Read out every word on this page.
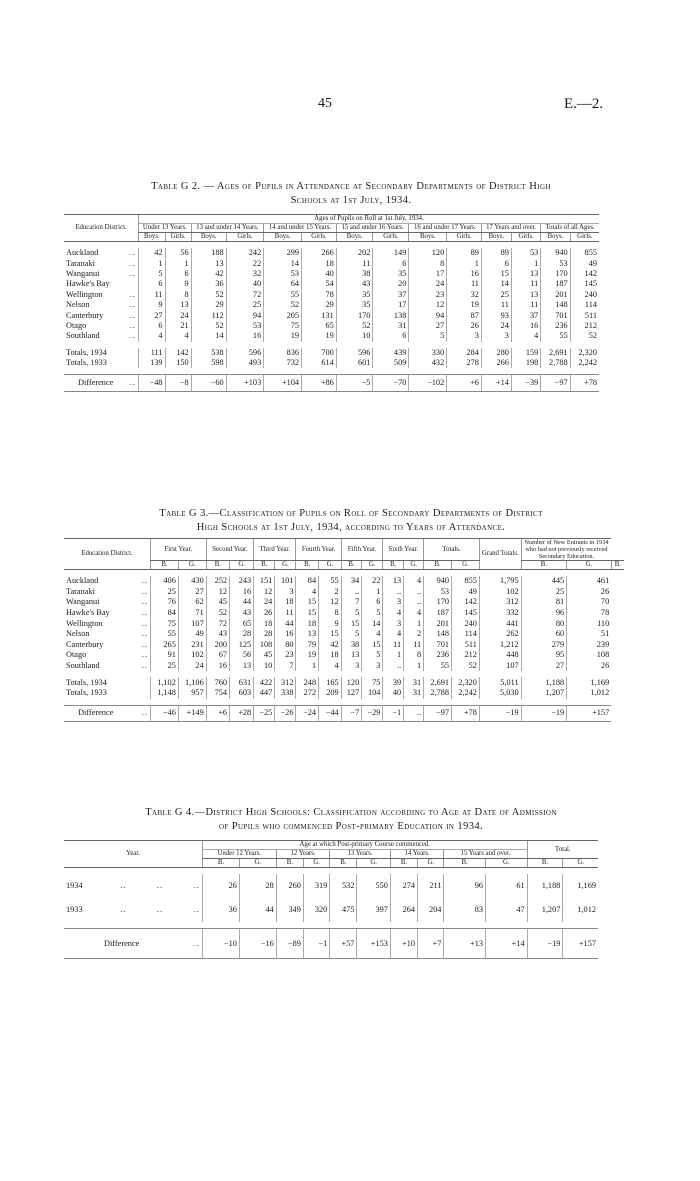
45	E.—2.
Table G 2. — Ages of Pupils in Attendance at Secondary Departments of District High
Schools at 1st July, 1934.
Education District.	Ages of Pupils on Roll at 1st July, 1934.													
	Under 13 Years.		13 and under 14 Years.		14 and under 15 Years.		15 and under 16 Years.		16 and under 17 Years.		17 Years and over.		Totals of all Ages.	
	Boys.	Girls.	Boys.	Girls.	Boys.	Girls.	Boys.	Girls.	Boys.	Girls.	Boys.	Girls.	Boys.	Girls.

Auckland ..	42	56	188	242	299	266	202	149	120	89	89	53	940	855
Taranaki ..	1	1	13	22	14	18	11	6	8	1	6	1	53	49
Wanganui ..	5	6	42	32	53	40	38	35	17	16	15	13	170	142
Hawke's Bay	6	9	36	40	64	54	43	20	24	11	14	11	187	145
Wellington ..	11	8	52	72	55	78	35	37	23	32	25	13	201	240
Nelson ..	9	13	29	25	52	29	35	17	12	19	11	11	148	114
Canterbury ..	27	24	112	94	205	131	170	138	94	87	93	37	701	511
Otago ..	6	21	52	53	75	65	52	31	27	26	24	16	236	212
Southland ..	4	4	14	16	19	19	10	6	5	3	3	4	55	52

Totals, 1934	111	142	538	596	836	700	596	439	330	284	280	159	2,691	2,320
Totals, 1933	139	150	598	493	732	614	601	509	432	278	266	198	2,788	2,242

Difference ..	−48	−8	−60	+103	+104	+86	−5	−70	−102	+6	+14	−39	−97	+78
Table G 3.—Classification of Pupils on Roll of Secondary Departments of District
High Schools at 1st July, 1934, according to Years of Attendance.
Education District.	First Year.		Second Year.		Third Year.		Fourth Year.		Fifth Year.		Sixth Year.		Totals.		Grand Totals.	Number of New Entrants in 1934 who had not previously received Secondary Education.		
	B.	G.	B.	G.	B.	G.	B.	G.	B.	G.	B.	G.	B.	G.		B.	G.	B.

Auckland ..	406	430	252	243	151	101	84	55	34	22	13	4	940	855	1,795	445	461	
Taranaki ..	25	27	12	16	12	3	4	2	..	1	..	..	53	49	102	25	26	
Wanganui ..	76	62	45	44	24	18	15	12	7	6	3	..	170	142	312	81	70	
Hawke's Bay ..	84	71	52	43	26	11	15	8	5	5	4	4	187	145	332	96	78	
Wellington ..	75	107	72	65	18	44	18	9	15	14	3	1	201	240	441	80	110	
Nelson ..	55	49	43	28	28	16	13	15	5	4	4	2	148	114	262	60	51	
Canterbury ..	265	231	200	125	108	80	79	42	38	15	11	11	701	511	1,212	279	239	
Otago ..	91	102	67	56	45	23	19	18	13	5	1	8	236	212	448	95	108	
Southland ..	25	24	16	13	10	7	1	4	3	3	..	1	55	52	107	27	26	

Totals, 1934	1,102	1,106	760	631	422	312	248	165	120	75	39	31	2,691	2,320	5,011	1,188	1,169	
Totals, 1933	1,148	957	754	603	447	338	272	209	127	104	40	31	2,788	2,242	5,030	1,207	1,012	

Difference ..	−46	+149	+6	+28	−25	−26	−24	−44	−7	−29	−1	..	−97	+78	−19	−19	+157	
Table G 4.—District High Schools: Classification according to Age at Date of Admission
of Pupils who commenced Post-primary Education in 1934.
Year.	Age at which Post-primary Course commenced.										Total.	
	Under 12 Years.		12 Years.		13 Years.		14 Years.		15 Years and over.			
	B.	G.	B.	G.	B.	G.	B.	G.	B.	G.	B.	G.

1934 ..          ..          ..	26	28	260	319	532	550	274	211	96	61	1,188	1,169
1933 ..          ..          ..	36	44	349	320	475	397	264	204	83	47	1,207	1,012

Difference ..	−10	−16	−89	−1	+57	+153	+10	+7	+13	+14	−19	+157
